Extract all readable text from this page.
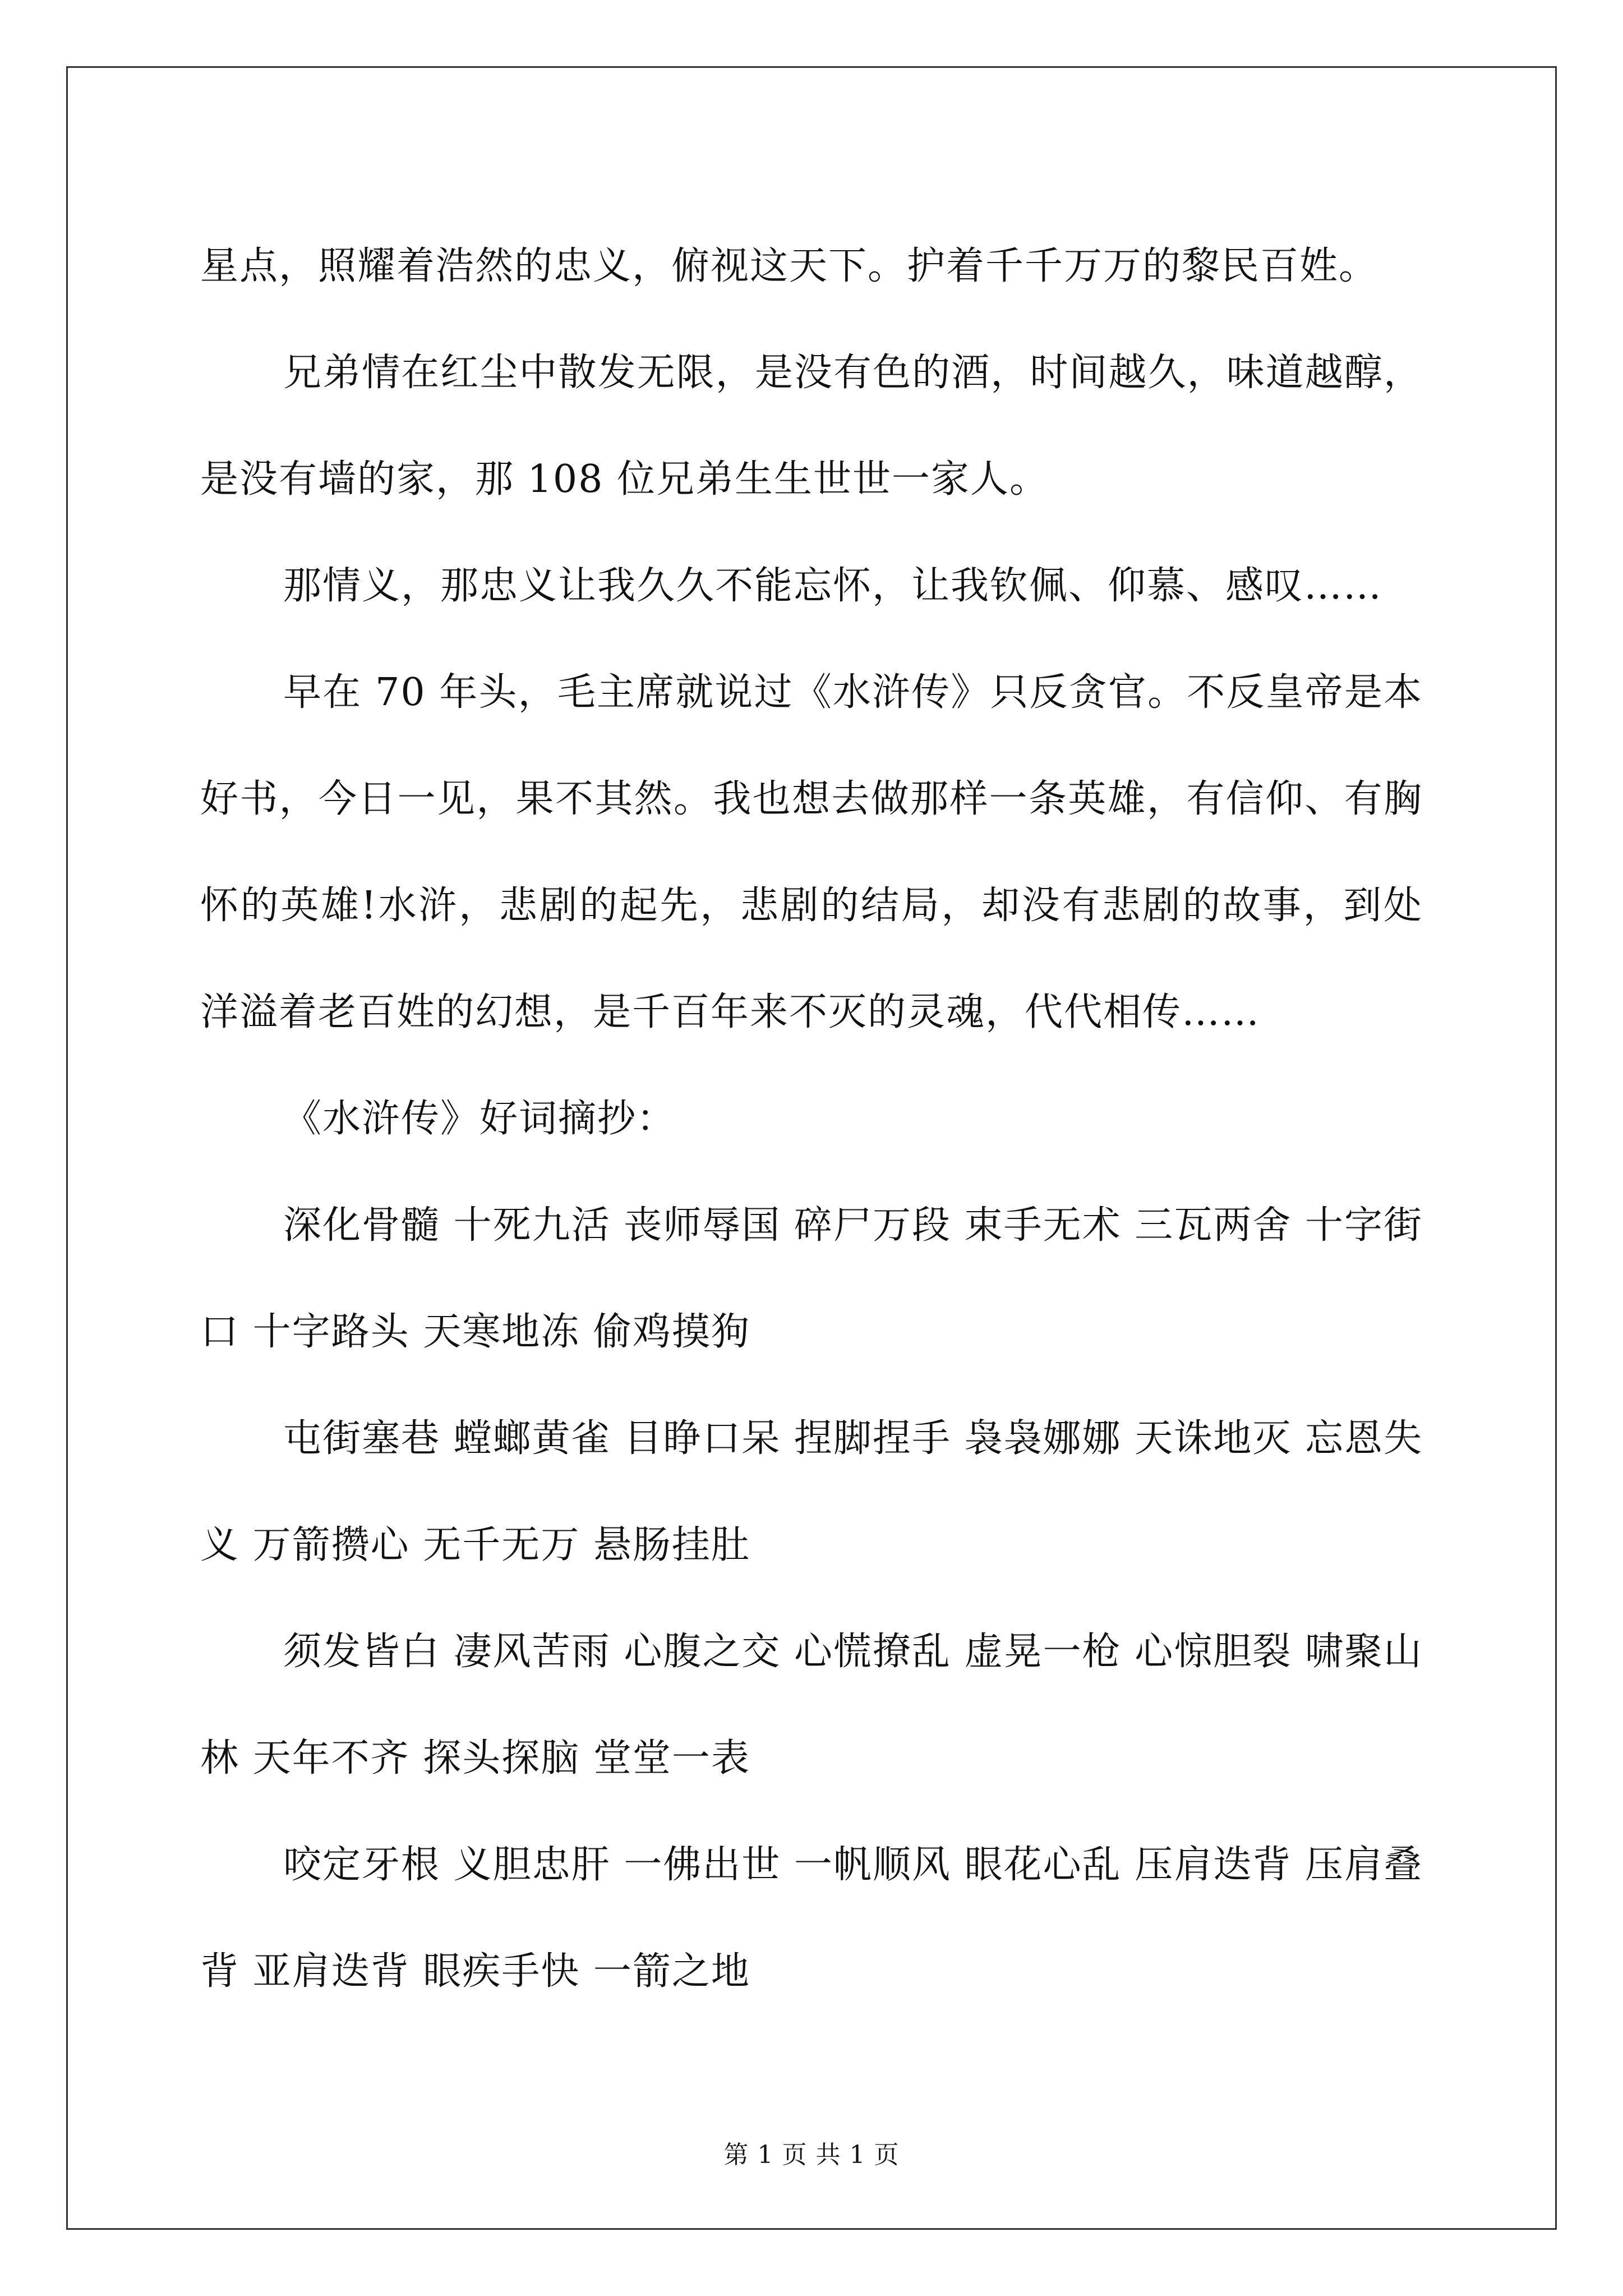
星点，照耀着浩然的忠义，俯视这天下。护着千千万万的黎民百姓。

兄弟情在红尘中散发无限，是没有色的酒，时间越久，味道越醇，是没有墙的家，那 108 位兄弟生生世世一家人。

那情义，那忠义让我久久不能忘怀，让我钦佩、仰慕、感叹……

早在 70 年头，毛主席就说过《水浒传》只反贪官。不反皇帝是本好书，今日一见，果不其然。我也想去做那样一条英雄，有信仰、有胸怀的英雄!水浒，悲剧的起先，悲剧的结局，却没有悲剧的故事，到处洋溢着老百姓的幻想，是千百年来不灭的灵魂，代代相传……

《水浒传》好词摘抄：

深化骨髓 十死九活 丧师辱国 碎尸万段 束手无术 三瓦两舍 十字街口 十字路头 天寒地冻 偷鸡摸狗

屯街塞巷 螳螂黄雀 目睁口呆 捏脚捏手 袅袅娜娜 天诛地灭 忘恩失义 万箭攒心 无千无万 悬肠挂肚

须发皆白 凄风苦雨 心腹之交 心慌撩乱 虚晃一枪 心惊胆裂 啸聚山林 天年不齐 探头探脑 堂堂一表

咬定牙根 义胆忠肝 一佛出世 一帆顺风 眼花心乱 压肩迭背 压肩叠背 亚肩迭背 眼疾手快 一箭之地

第 1 页 共 1 页
